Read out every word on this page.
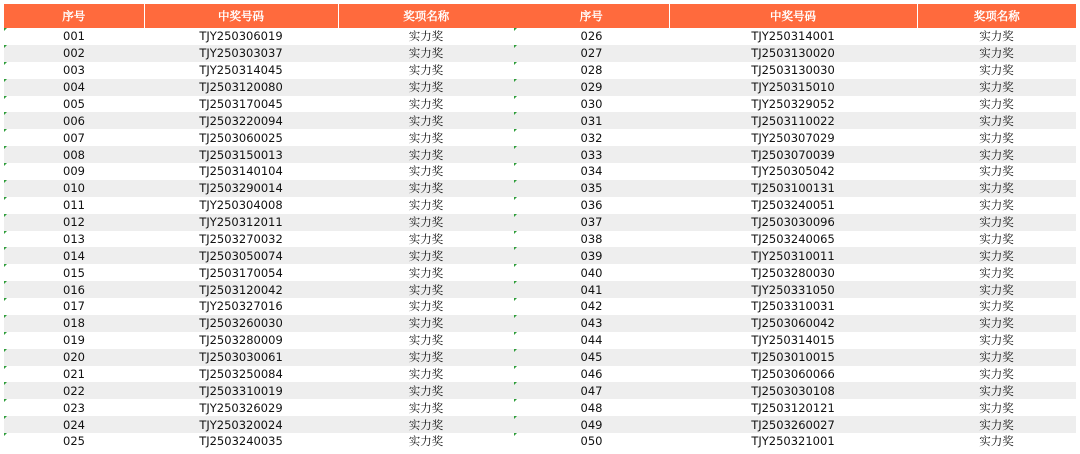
序号	中奖号码	奖项名称
001	TJY250306019	实力奖
002	TJY250303037	实力奖
003	TJY250314045	实力奖
004	TJ2503120080	实力奖
005	TJ2503170045	实力奖
006	TJ2503220094	实力奖
007	TJ2503060025	实力奖
008	TJ2503150013	实力奖
009	TJ2503140104	实力奖
010	TJ2503290014	实力奖
011	TJY250304008	实力奖
012	TJY250312011	实力奖
013	TJ2503270032	实力奖
014	TJ2503050074	实力奖
015	TJ2503170054	实力奖
016	TJ2503120042	实力奖
017	TJY250327016	实力奖
018	TJ2503260030	实力奖
019	TJ2503280009	实力奖
020	TJ2503030061	实力奖
021	TJ2503250084	实力奖
022	TJ2503310019	实力奖
023	TJY250326029	实力奖
024	TJY250320024	实力奖
025	TJ2503240035	实力奖
序号	中奖号码	奖项名称
026	TJY250314001	实力奖
027	TJ2503130020	实力奖
028	TJ2503130030	实力奖
029	TJY250315010	实力奖
030	TJY250329052	实力奖
031	TJ2503110022	实力奖
032	TJY250307029	实力奖
033	TJ2503070039	实力奖
034	TJY250305042	实力奖
035	TJ2503100131	实力奖
036	TJ2503240051	实力奖
037	TJ2503030096	实力奖
038	TJ2503240065	实力奖
039	TJY250310011	实力奖
040	TJ2503280030	实力奖
041	TJY250331050	实力奖
042	TJ2503310031	实力奖
043	TJ2503060042	实力奖
044	TJY250314015	实力奖
045	TJ2503010015	实力奖
046	TJ2503060066	实力奖
047	TJ2503030108	实力奖
048	TJ2503120121	实力奖
049	TJ2503260027	实力奖
050	TJY250321001	实力奖
